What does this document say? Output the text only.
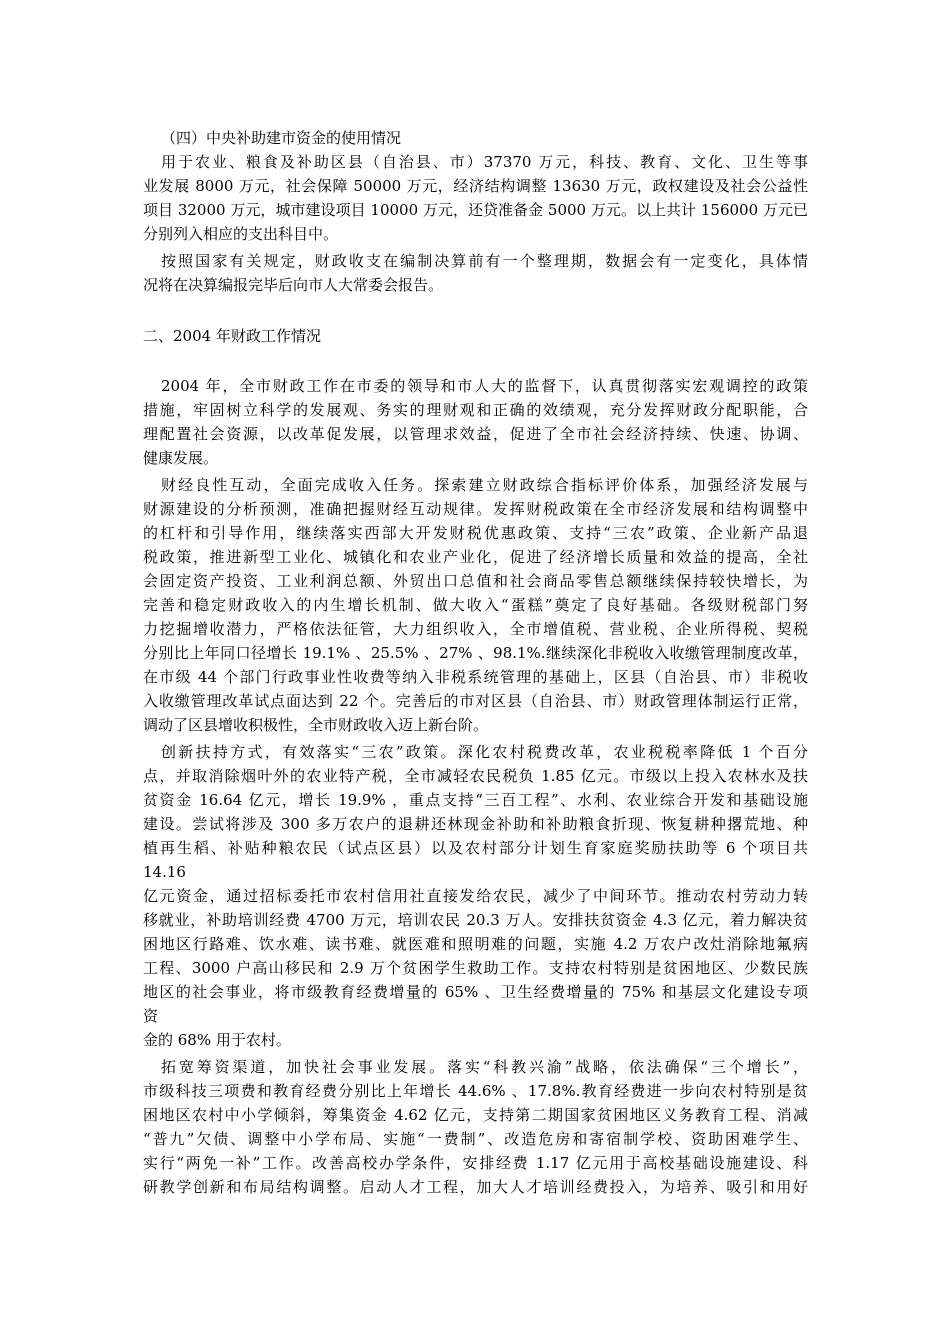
（四）中央补助建市资金的使用情况
用于农业、粮食及补助区县（自治县、市）37370 万元，科技、教育、文化、卫生等事
业发展 8000 万元，社会保障 50000 万元，经济结构调整 13630 万元，政权建设及社会公益性
项目 32000 万元，城市建设项目 10000 万元，还贷准备金 5000 万元。以上共计 156000 万元已
分别列入相应的支出科目中。
按照国家有关规定，财政收支在编制决算前有一个整理期，数据会有一定变化，具体情
况将在决算编报完毕后向市人大常委会报告。
二、2004 年财政工作情况
2004 年，全市财政工作在市委的领导和市人大的监督下，认真贯彻落实宏观调控的政策
措施，牢固树立科学的发展观、务实的理财观和正确的效绩观，充分发挥财政分配职能，合
理配置社会资源，以改革促发展，以管理求效益，促进了全市社会经济持续、快速、协调、
健康发展。
财经良性互动，全面完成收入任务。探索建立财政综合指标评价体系，加强经济发展与
财源建设的分析预测，准确把握财经互动规律。发挥财税政策在全市经济发展和结构调整中
的杠杆和引导作用，继续落实西部大开发财税优惠政策、支持“三农”政策、企业新产品退
税政策，推进新型工业化、城镇化和农业产业化，促进了经济增长质量和效益的提高，全社
会固定资产投资、工业利润总额、外贸出口总值和社会商品零售总额继续保持较快增长，为
完善和稳定财政收入的内生增长机制、做大收入“蛋糕”奠定了良好基础。各级财税部门努
力挖掘增收潜力，严格依法征管，大力组织收入，全市增值税、营业税、企业所得税、契税
分别比上年同口径增长 19.1% 、25.5% 、27% 、98.1%.继续深化非税收入收缴管理制度改革，
在市级 44 个部门行政事业性收费等纳入非税系统管理的基础上，区县（自治县、市）非税收
入收缴管理改革试点面达到 22 个。完善后的市对区县（自治县、市）财政管理体制运行正常，
调动了区县增收积极性，全市财政收入迈上新台阶。
创新扶持方式，有效落实“三农”政策。深化农村税费改革，农业税税率降低 1 个百分
点，并取消除烟叶外的农业特产税，全市减轻农民税负 1.85 亿元。市级以上投入农林水及扶
贫资金 16.64 亿元，增长 19.9% ，重点支持“三百工程”、水利、农业综合开发和基础设施
建设。尝试将涉及 300 多万农户的退耕还林现金补助和补助粮食折现、恢复耕种撂荒地、种
植再生稻、补贴种粮农民（试点区县）以及农村部分计划生育家庭奖励扶助等 6 个项目共
14.16
亿元资金，通过招标委托市农村信用社直接发给农民，减少了中间环节。推动农村劳动力转
移就业，补助培训经费 4700 万元，培训农民 20.3 万人。安排扶贫资金 4.3 亿元，着力解决贫
困地区行路难、饮水难、读书难、就医难和照明难的问题，实施 4.2 万农户改灶消除地氟病
工程、3000 户高山移民和 2.9 万个贫困学生救助工作。支持农村特别是贫困地区、少数民族
地区的社会事业，将市级教育经费增量的 65% 、卫生经费增量的 75% 和基层文化建设专项
资
金的 68% 用于农村。
拓宽筹资渠道，加快社会事业发展。落实“科教兴渝”战略，依法确保“三个增长”，
市级科技三项费和教育经费分别比上年增长 44.6% 、17.8%.教育经费进一步向农村特别是贫
困地区农村中小学倾斜，筹集资金 4.62 亿元，支持第二期国家贫困地区义务教育工程、消减
“普九”欠债、调整中小学布局、实施“一费制”、改造危房和寄宿制学校、资助困难学生、
实行“两免一补”工作。改善高校办学条件，安排经费 1.17 亿元用于高校基础设施建设、科
研教学创新和布局结构调整。启动人才工程，加大人才培训经费投入，为培养、吸引和用好
